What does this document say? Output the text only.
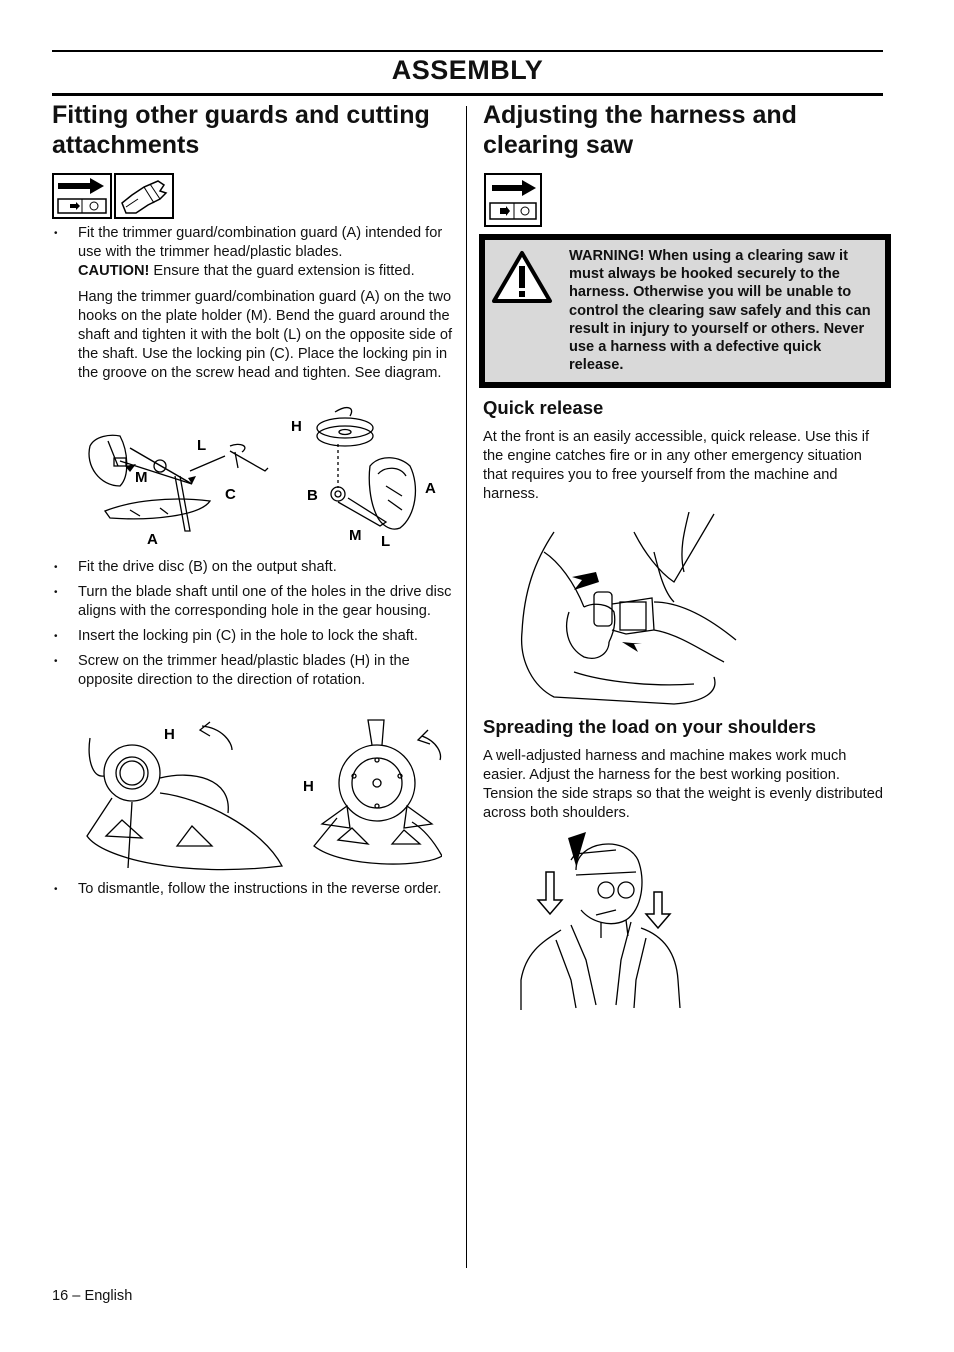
ASSEMBLY
Fitting other guards and cutting attachments
• Fit the trimmer guard/combination guard (A) intended for use with the trimmer head/plastic blades.
CAUTION! Ensure that the guard extension is fitted.

Hang the trimmer guard/combination guard (A) on the two hooks on the plate holder (M). Bend the guard around the shaft and tighten it with the bolt (L) on the opposite side of the shaft. Use the locking pin (C). Place the locking pin in the groove on the screw head and tighten. See diagram.

L
M
C
A
H
B	A
M L
• Fit the drive disc (B) on the output shaft.
• Turn the blade shaft until one of the holes in the drive disc aligns with the corresponding hole in the gear housing.
• Insert the locking pin (C) in the hole to lock the shaft.
• Screw on the trimmer head/plastic blades (H) in the opposite direction to the direction of rotation.
H
H
• To dismantle, follow the instructions in the reverse order.
Adjusting the harness and clearing saw
WARNING! When using a clearing saw it must always be hooked securely to the harness. Otherwise you will be unable to control the clearing saw safely and this can result in injury to yourself or others. Never use a harness with a defective quick release.
Quick release

At the front is an easily accessible, quick release. Use this if the engine catches fire or in any other emergency situation that requires you to free yourself from the machine and harness.

Spreading the load on your shoulders

A well-adjusted harness and machine makes work much easier. Adjust the harness for the best working position. Tension the side straps so that the weight is evenly distributed across both shoulders.

16 – English
